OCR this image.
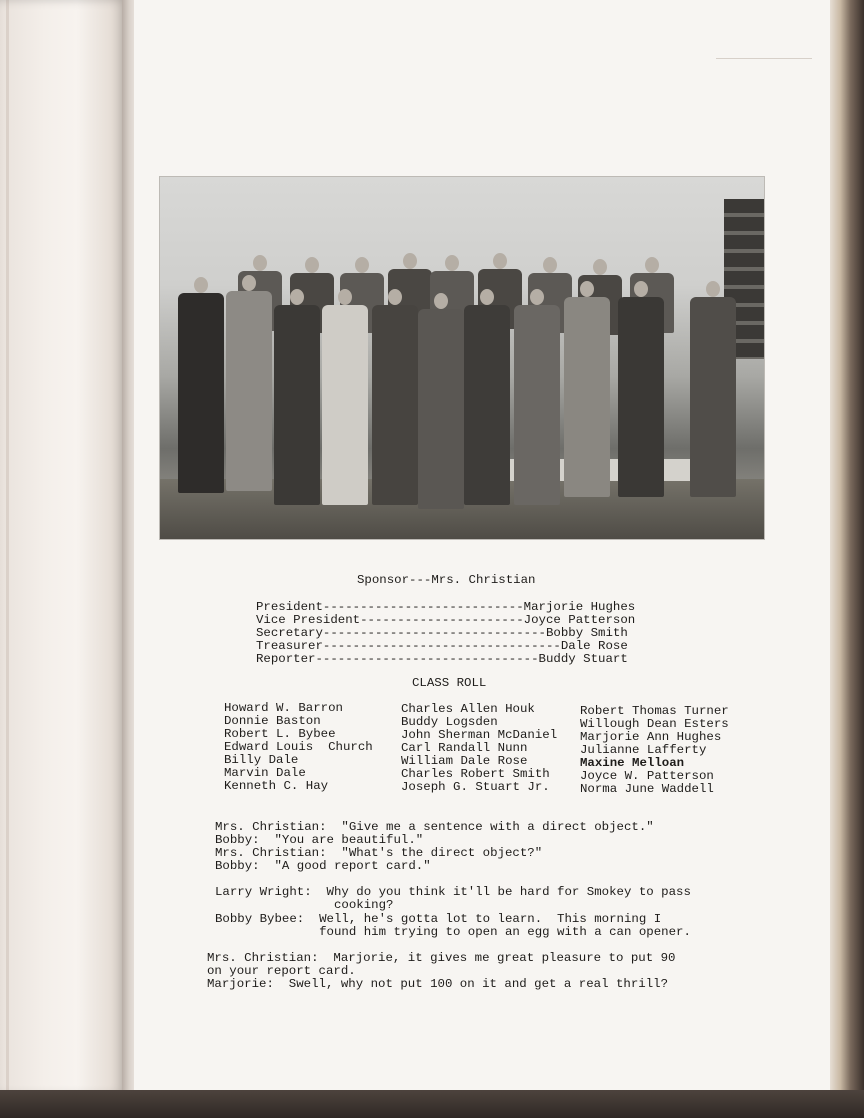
Sponsor---Mrs. Christian
President---------------------------Marjorie Hughes
Vice President----------------------Joyce Patterson
Secretary------------------------------Bobby Smith
Treasurer--------------------------------Dale Rose
Reporter------------------------------Buddy Stuart
CLASS ROLL
Howard W. Barron
Donnie Baston
Robert L. Bybee
Edward Louis  Church
Billy Dale
Marvin Dale
Kenneth C. Hay
Charles Allen Houk
Buddy Logsden
John Sherman McDaniel
Carl Randall Nunn
William Dale Rose
Charles Robert Smith
Joseph G. Stuart Jr.
Robert Thomas Turner
Willough Dean Esters
Marjorie Ann Hughes
Julianne Lafferty
Maxine Melloan
Joyce W. Patterson
Norma June Waddell
Mrs. Christian:  "Give me a sentence with a direct object."
Bobby:  "You are beautiful."
Mrs. Christian:  "What's the direct object?"
Bobby:  "A good report card."
Larry Wright:  Why do you think it'll be hard for Smokey to pass
cooking?
Bobby Bybee:  Well, he's gotta lot to learn.  This morning I
found him trying to open an egg with a can opener.
Mrs. Christian:  Marjorie, it gives me great pleasure to put 90
on your report card.
Marjorie:  Swell, why not put 100 on it and get a real thrill?
